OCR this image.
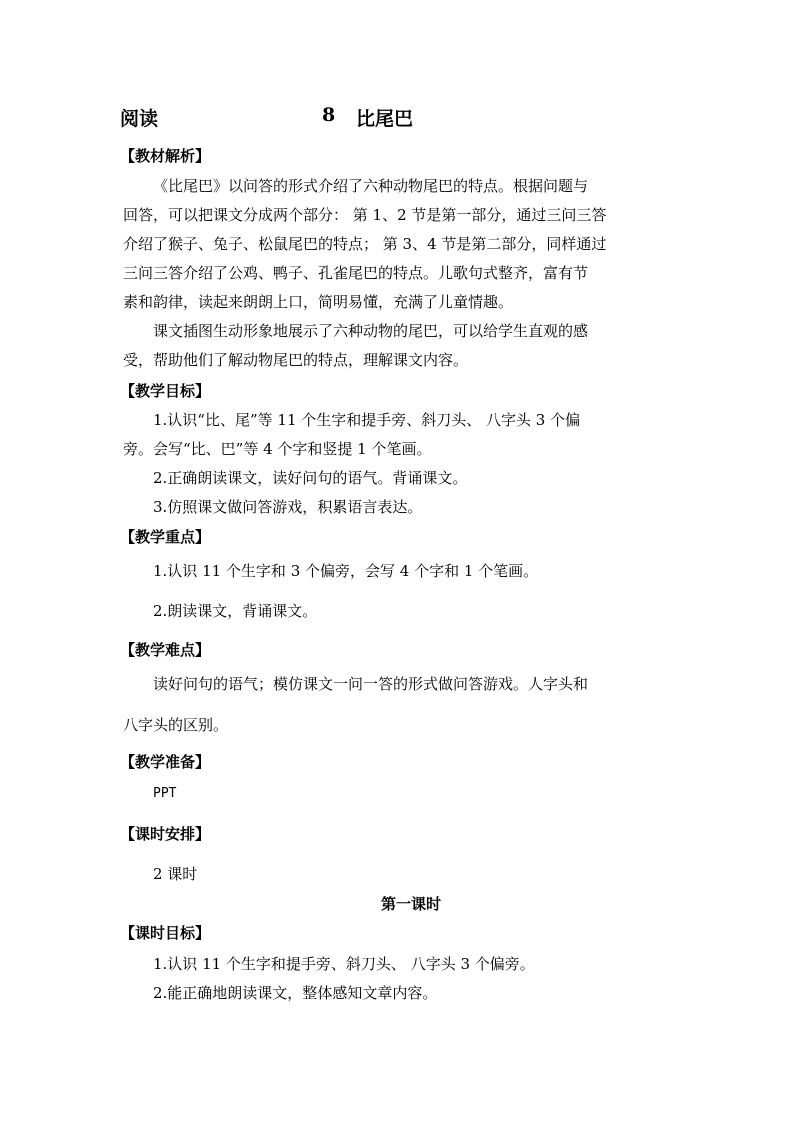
阅读	8 比尾巴
【教材解析】
《比尾巴》以问答的形式介绍了六种动物尾巴的特点。根据问题与
回答，可以把课文分成两个部分： 第 1、2 节是第一部分，通过三问三答
介绍了猴子、兔子、松鼠尾巴的特点； 第 3、4 节是第二部分，同样通过
三问三答介绍了公鸡、鸭子、孔雀尾巴的特点。儿歌句式整齐，富有节
素和韵律，读起来朗朗上口，简明易懂，充满了儿童情趣。
课文插图生动形象地展示了六种动物的尾巴，可以给学生直观的感
受，帮助他们了解动物尾巴的特点，理解课文内容。
【教学目标】
1.认识“比、尾”等 11 个生字和提手旁、斜刀头、 八字头 3 个偏
旁。会写“比、巴”等 4 个字和竖提 1 个笔画。
2.正确朗读课文，读好问句的语气。背诵课文。
3.仿照课文做问答游戏，积累语言表达。
【教学重点】
1.认识 11 个生字和 3 个偏旁，会写 4 个字和 1 个笔画。
2.朗读课文，背诵课文。
【教学难点】
读好问句的语气；模仿课文一问一答的形式做问答游戏。人字头和
八字头的区别。
【教学准备】
PPT
【课时安排】
2 课时
第一课时
【课时目标】
1.认识 11 个生字和提手旁、斜刀头、 八字头 3 个偏旁。
2.能正确地朗读课文，整体感知文章内容。
